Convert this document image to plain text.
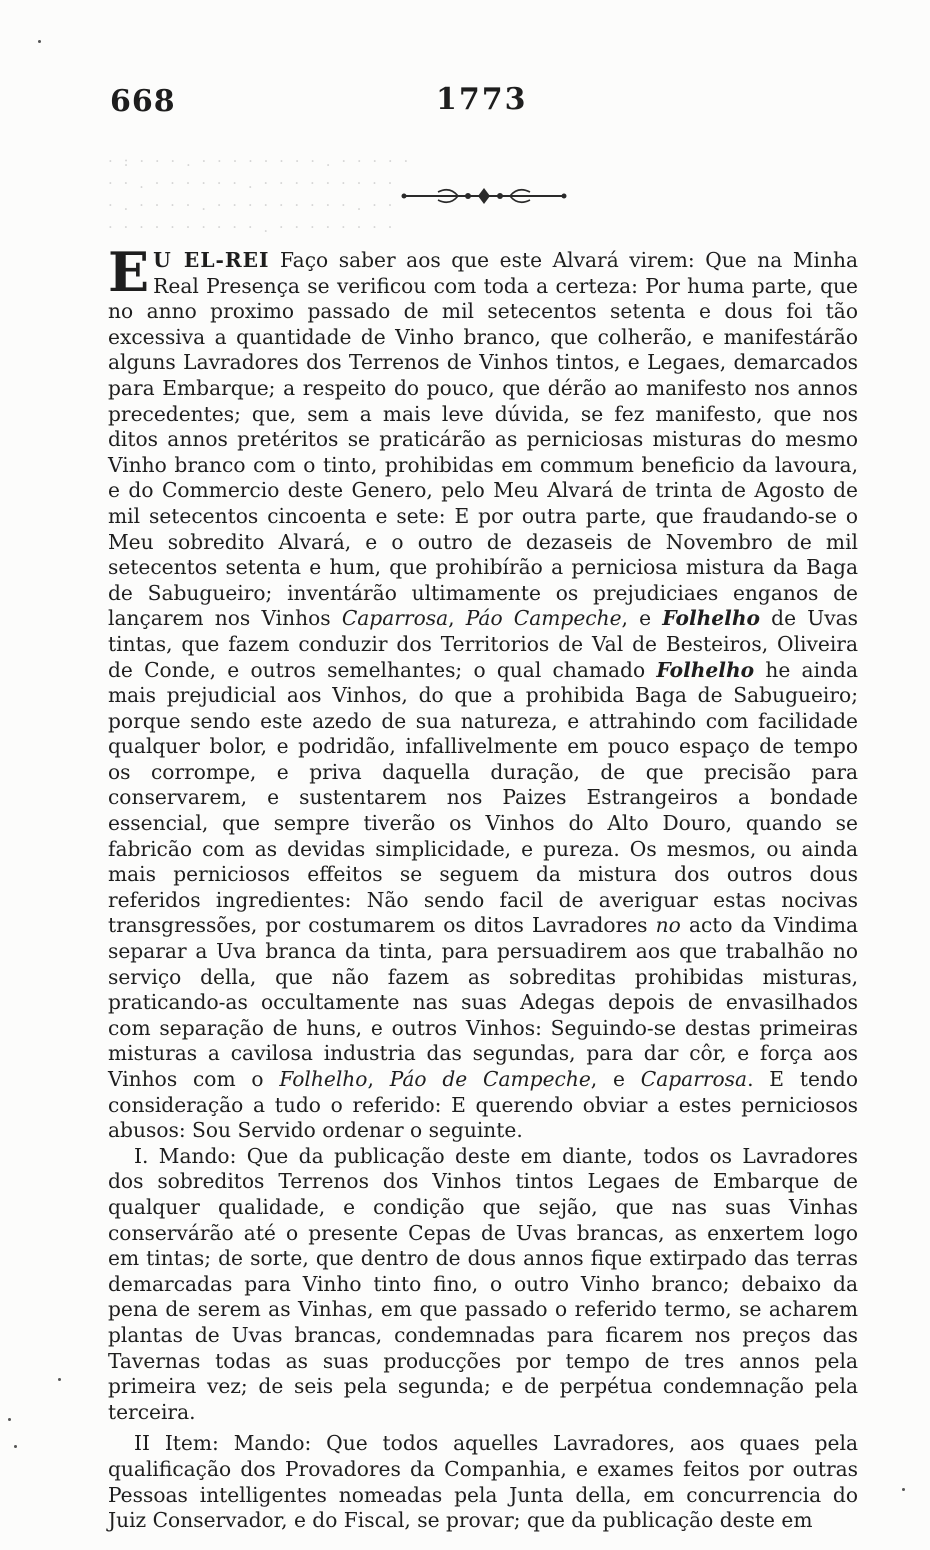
668	1773
· : · · · . · · · · · · · · . · · · · ·
· · . · · · · · · . · · · · · · · · ·
· . · · · · . · · · · · · · · · . · ·
· · · · · · · · · · . · · · · · · · ·

E U EL-REI Faço saber aos que este Alvará virem: Que na Minha Real Presença se verificou com toda a certeza: Por huma parte, que no anno proximo passado de mil setecentos setenta e dous foi tão excessiva a quantidade de Vinho branco, que colherão, e manifestárão alguns Lavradores dos Terrenos de Vinhos tintos, e Legaes, demarcados para Embarque; a respeito do pouco, que dérão ao manifesto nos annos precedentes; que, sem a mais leve dúvida, se fez manifesto, que nos ditos annos pretéritos se praticárão as perniciosas misturas do mesmo Vinho branco com o tinto, prohibidas em commum beneficio da lavoura, e do Commercio deste Genero, pelo Meu Alvará de trinta de Agosto de mil setecentos cincoenta e sete: E por outra parte, que fraudando-se o Meu sobredito Alvará, e o outro de dezaseis de Novembro de mil setecentos setenta e hum, que prohibírão a perniciosa mistura da Baga de Sabugueiro; inventárão ultimamente os prejudiciaes enganos de lançarem nos Vinhos Caparrosa, Páo Campeche, e Folhelho de Uvas tintas, que fazem conduzir dos Territorios de Val de Besteiros, Oliveira de Conde, e outros semelhantes; o qual chamado Folhelho he ainda mais prejudicial aos Vinhos, do que a prohibida Baga de Sabugueiro; porque sendo este azedo de sua natureza, e attrahindo com facilidade qualquer bolor, e podridão, infallivelmente em pouco espaço de tempo os corrompe, e priva daquella duração, de que precisão para conservarem, e sustentarem nos Paizes Estrangeiros a bondade essencial, que sempre tiverão os Vinhos do Alto Douro, quando se fabricão com as devidas simplicidade, e pureza. Os mesmos, ou ainda mais perniciosos effeitos se seguem da mistura dos outros dous referidos ingredientes: Não sendo facil de averiguar estas nocivas transgressões, por costumarem os ditos Lavradores no acto da Vindima separar a Uva branca da tinta, para persuadirem aos que trabalhão no serviço della, que não fazem as sobreditas prohibidas misturas, praticando-as occultamente nas suas Adegas depois de envasilhados com separação de huns, e outros Vinhos: Seguindo-se destas primeiras misturas a cavilosa industria das segundas, para dar côr, e força aos Vinhos com o Folhelho, Páo de Campeche, e Caparrosa. E tendo consideração a tudo o referido: E querendo obviar a estes perniciosos abusos: Sou Servido ordenar o seguinte.

I. Mando: Que da publicação deste em diante, todos os Lavradores dos sobreditos Terrenos dos Vinhos tintos Legaes de Embarque de qualquer qualidade, e condição que sejão, que nas suas Vinhas conservárão até o presente Cepas de Uvas brancas, as enxertem logo em tintas; de sorte, que dentro de dous annos fique extirpado das terras demarcadas para Vinho tinto fino, o outro Vinho branco; debaixo da pena de serem as Vinhas, em que passado o referido termo, se acharem plantas de Uvas brancas, condemnadas para ficarem nos preços das Tavernas todas as suas producções por tempo de tres annos pela primeira vez; de seis pela segunda; e de perpétua condemnação pela terceira.

II Item: Mando: Que todos aquelles Lavradores, aos quaes pela qualificação dos Provadores da Companhia, e exames feitos por outras Pessoas intelligentes nomeadas pela Junta della, em concurrencia do Juiz Conservador, e do Fiscal, se provar; que da publicação deste em
